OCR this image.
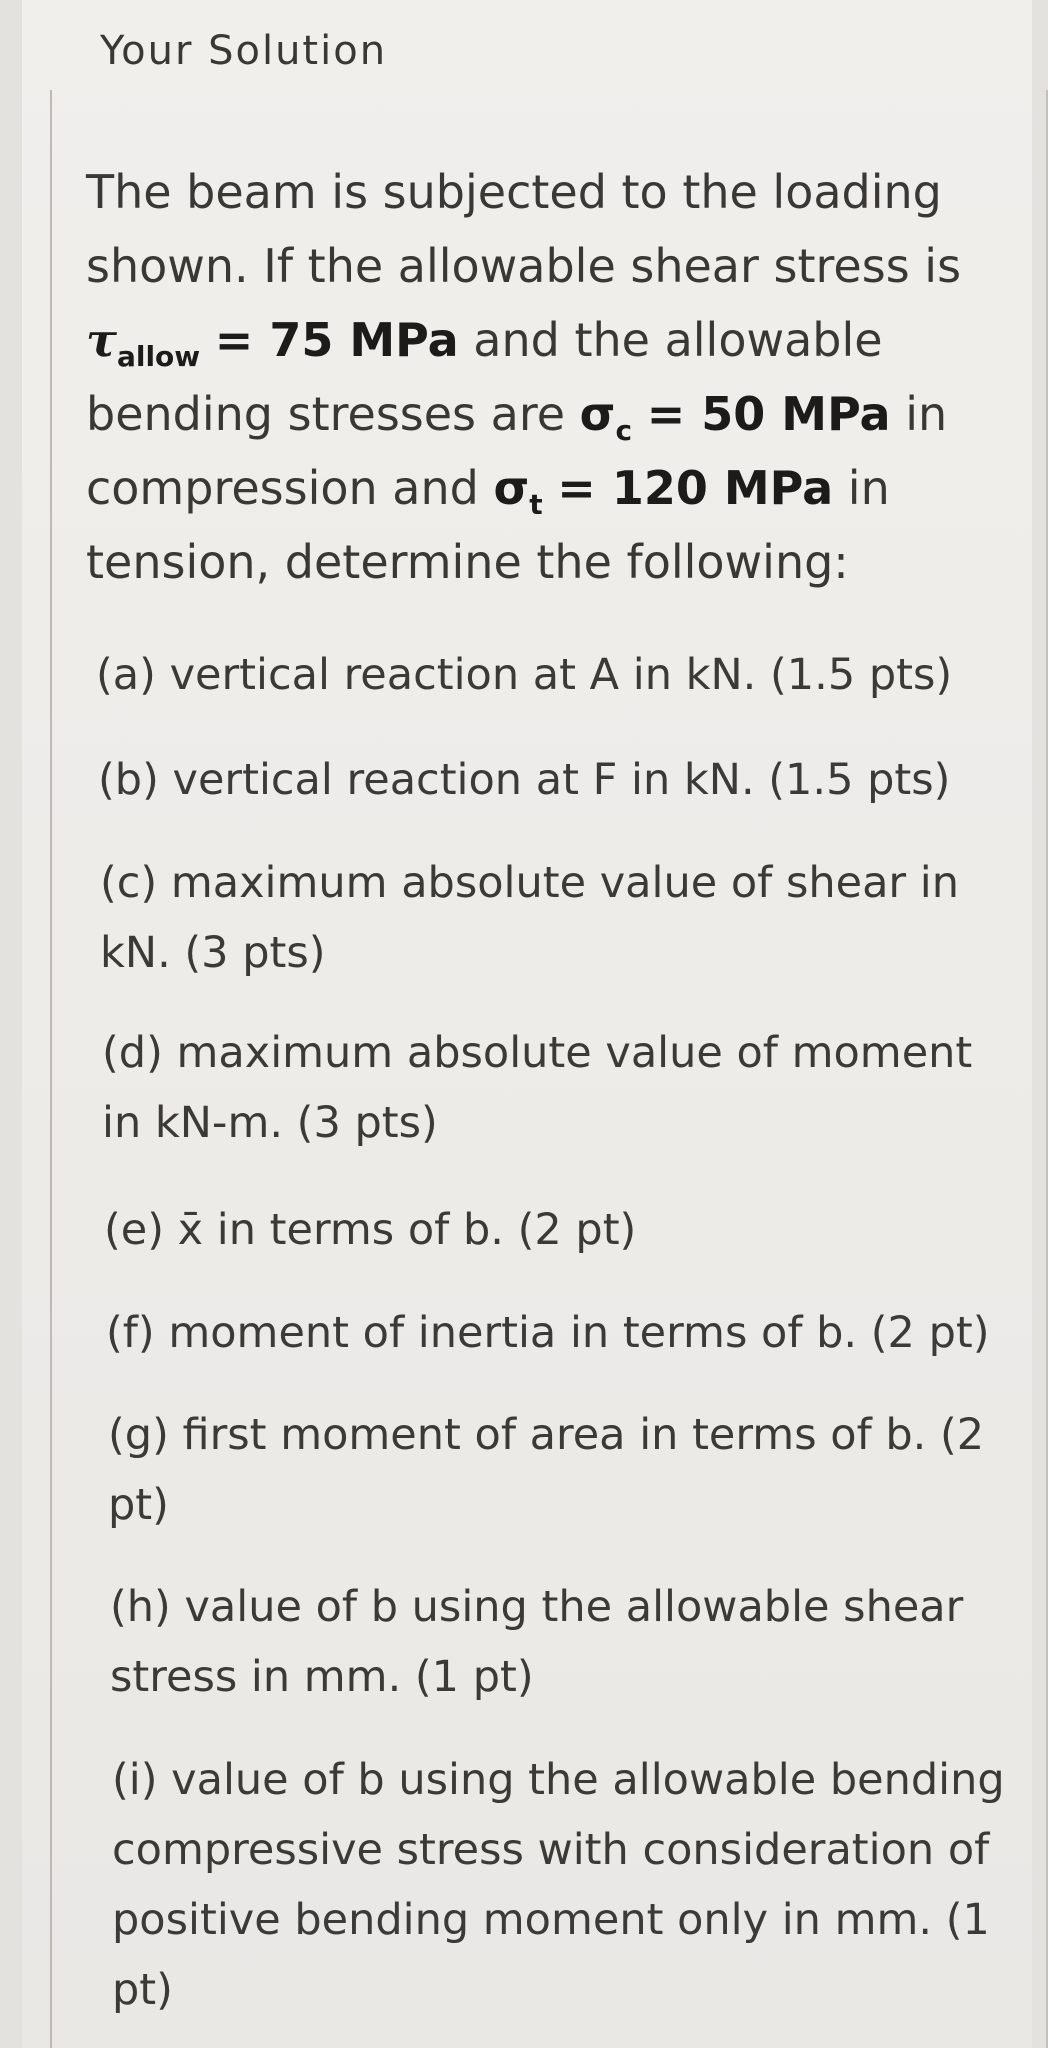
Your Solution
The beam is subjected to the loading
shown. If the allowable shear stress is
$\tau_{allow} = 75$ MPa and the allowable
bending stresses are $\sigma_c = 50$ MPa in
compression and $\sigma_t = 120$ MPa in
tension, determine the following:
(a) vertical reaction at A in kN. (1.5 pts)
(b) vertical reaction at F in kN. (1.5 pts)
(c) maximum absolute value of shear in
kN. (3 pts)
(d) maximum absolute value of moment
in kN-m. (3 pts)
(e) x̄ in terms of b. (2 pt)
(f) moment of inertia in terms of b. (2 pt)
(g) first moment of area in terms of b. (2
pt)
(h) value of b using the allowable shear
stress in mm. (1 pt)
(i) value of b using the allowable bending
compressive stress with consideration of
positive bending moment only in mm. (1
pt)
